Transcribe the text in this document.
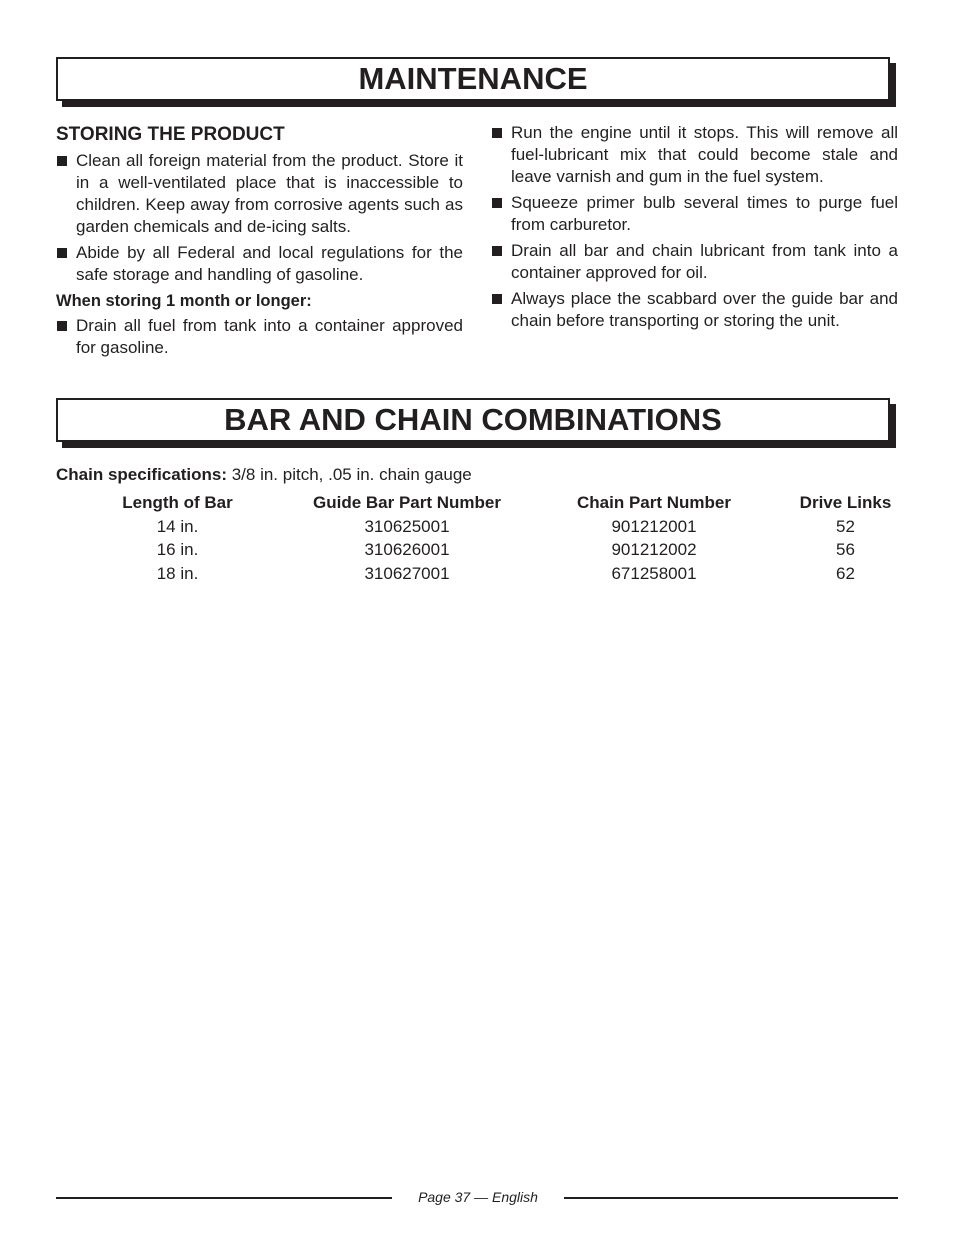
MAINTENANCE
STORING THE PRODUCT
Clean all foreign material from the product. Store it in a well-ventilated place that is inaccessible to children. Keep away from corrosive agents such as garden chemicals and de-icing salts.
Abide by all Federal and local regulations for the safe storage and handling of gasoline.
When storing 1 month or longer:
Drain all fuel from tank into a container approved for gasoline.
Run the engine until it stops. This will remove all fuel-lubricant mix that could become stale and leave varnish and gum in the fuel system.
Squeeze primer bulb several times to purge fuel from carburetor.
Drain all bar and chain lubricant from tank into a container approved for oil.
Always place the scabbard over the guide bar and chain before transporting or storing the unit.
BAR AND CHAIN COMBINATIONS
Chain specifications: 3/8 in. pitch, .05 in. chain gauge
Length of Bar	Guide Bar Part Number	Chain Part Number	Drive Links
14 in.	310625001	901212001	52
16 in.	310626001	901212002	56
18 in.	310627001	671258001	62
Page 37 — English
